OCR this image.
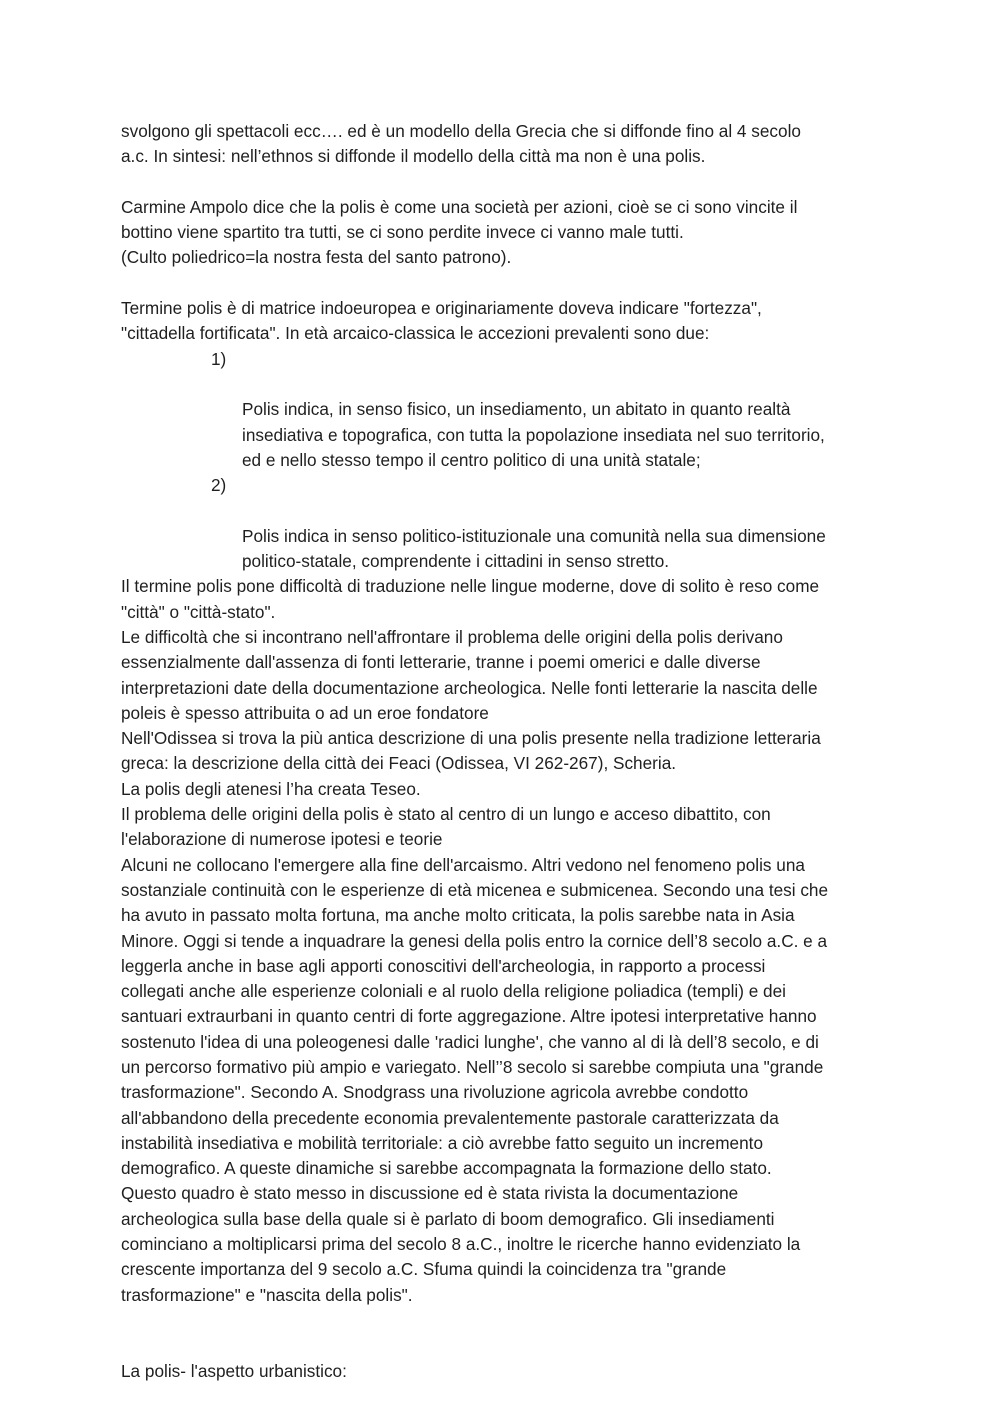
svolgono gli spettacoli ecc…. ed è un modello della Grecia che si diffonde fino al 4 secolo
a.c. In sintesi: nell’ethnos si diffonde il modello della città ma non è una polis.

Carmine Ampolo dice che la polis è come una società per azioni, cioè se ci sono vincite il
bottino viene spartito tra tutti, se ci sono perdite invece ci vanno male tutti.
(Culto poliedrico=la nostra festa del santo patrono).

Termine polis è di matrice indoeuropea e originariamente doveva indicare "fortezza",
"cittadella fortificata". In età arcaico-classica le accezioni prevalenti sono due:

1)

Polis indica, in senso fisico, un insediamento, un abitato in quanto realtà
insediativa e topografica, con tutta la popolazione insediata nel suo territorio,
ed e nello stesso tempo il centro politico di una unità statale;

2)

Polis indica in senso politico-istituzionale una comunità nella sua dimensione
politico-statale, comprendente i cittadini in senso stretto.

Il termine polis pone difficoltà di traduzione nelle lingue moderne, dove di solito è reso come
"città" o "città-stato".

Le difficoltà che si incontrano nell'affrontare il problema delle origini della polis derivano
essenzialmente dall'assenza di fonti letterarie, tranne i poemi omerici e dalle diverse
interpretazioni date della documentazione archeologica. Nelle fonti letterarie la nascita delle
poleis è spesso attribuita o ad un eroe fondatore

Nell'Odissea si trova la più antica descrizione di una polis presente nella tradizione letteraria
greca: la descrizione della città dei Feaci (Odissea, VI 262-267), Scheria.

La polis degli atenesi l’ha creata Teseo.

Il problema delle origini della polis è stato al centro di un lungo e acceso dibattito, con
l'elaborazione di numerose ipotesi e teorie

Alcuni ne collocano l'emergere alla fine dell'arcaismo. Altri vedono nel fenomeno polis una
sostanziale continuità con le esperienze di età micenea e submicenea. Secondo una tesi che
ha avuto in passato molta fortuna, ma anche molto criticata, la polis sarebbe nata in Asia
Minore. Oggi si tende a inquadrare la genesi della polis entro la cornice dell’8 secolo a.C. e a
leggerla anche in base agli apporti conoscitivi dell'archeologia, in rapporto a processi
collegati anche alle esperienze coloniali e al ruolo della religione poliadica (templi) e dei
santuari extraurbani in quanto centri di forte aggregazione. Altre ipotesi interpretative hanno
sostenuto l'idea di una poleogenesi dalle 'radici lunghe', che vanno al di là dell’8 secolo, e di
un percorso formativo più ampio e variegato. Nell’’8 secolo si sarebbe compiuta una "grande
trasformazione". Secondo A. Snodgrass una rivoluzione agricola avrebbe condotto
all'abbandono della precedente economia prevalentemente pastorale caratterizzata da
instabilità insediativa e mobilità territoriale: a ciò avrebbe fatto seguito un incremento
demografico. A queste dinamiche si sarebbe accompagnata la formazione dello stato.
Questo quadro è stato messo in discussione ed è stata rivista la documentazione
archeologica sulla base della quale si è parlato di boom demografico. Gli insediamenti
cominciano a moltiplicarsi prima del secolo 8 a.C., inoltre le ricerche hanno evidenziato la
crescente importanza del 9 secolo a.C. Sfuma quindi la coincidenza tra "grande
trasformazione" e "nascita della polis".

La polis- l'aspetto urbanistico:
